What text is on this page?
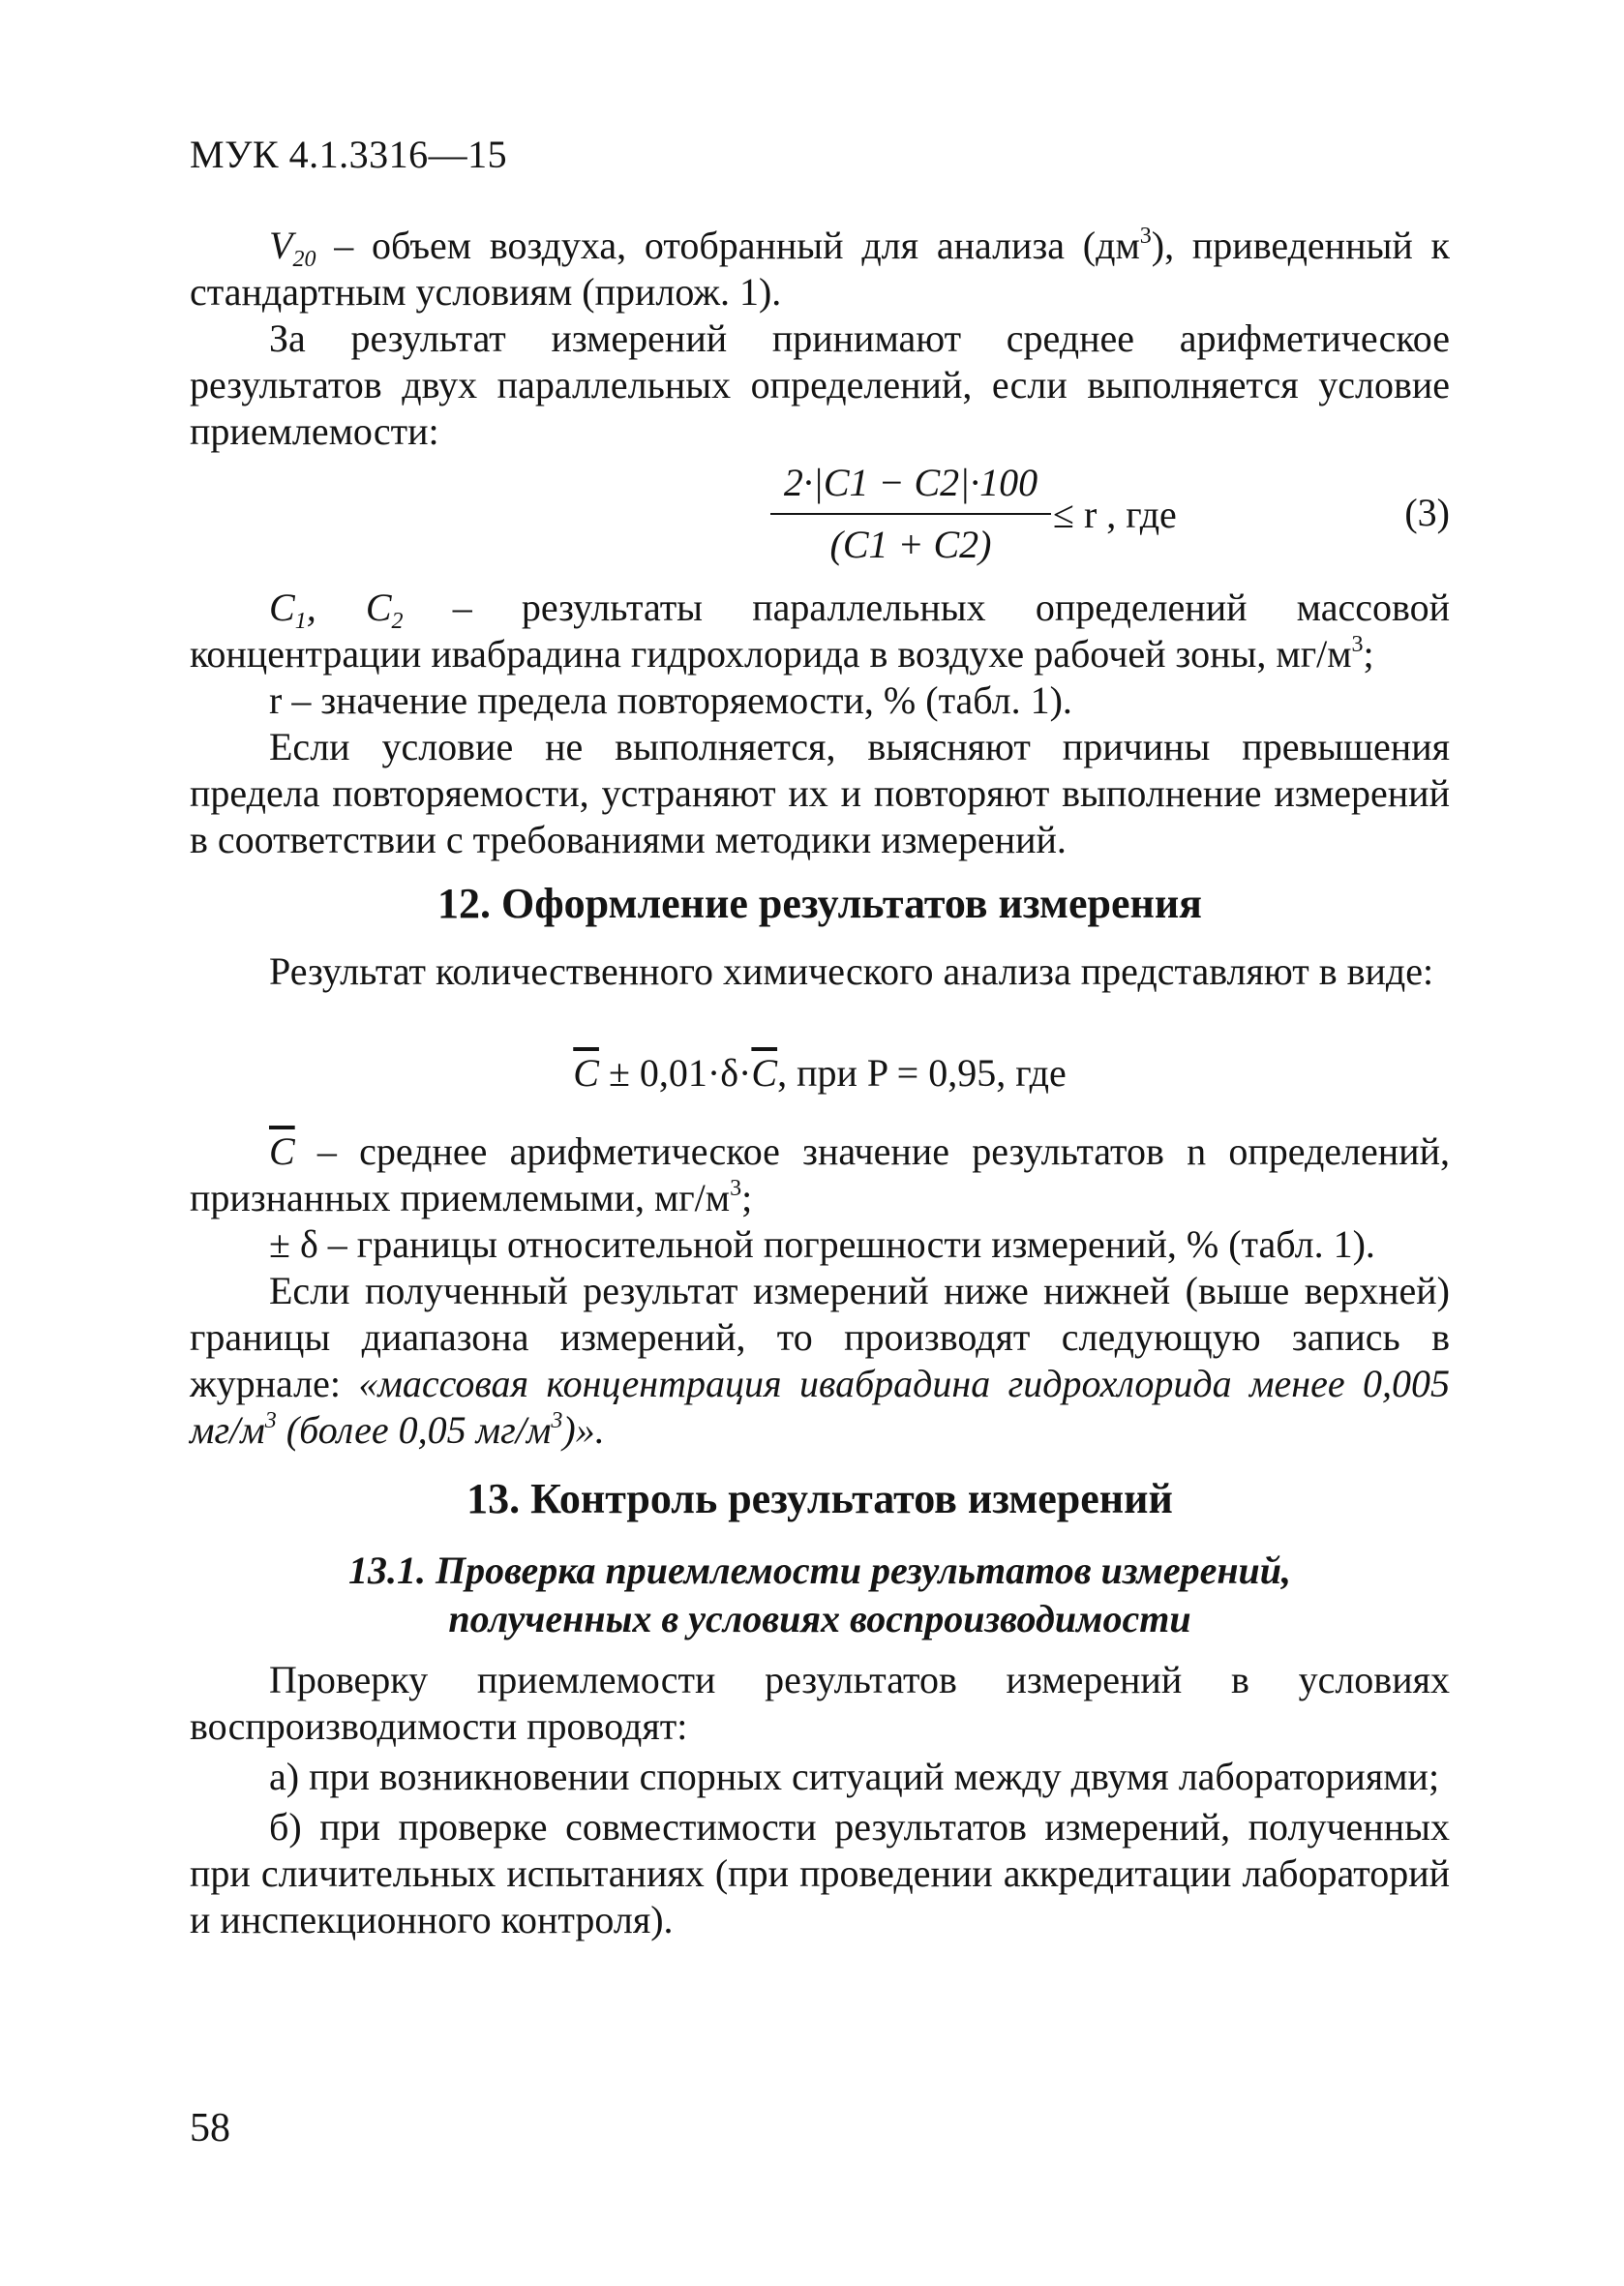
МУК 4.1.3316—15

$V_{20}$ – объем воздуха, отобранный для анализа $(дм^3)$, приведенный к стандартным условиям (прилож. 1).

За результат измерений принимают среднее арифметическое результатов двух параллельных определений, если выполняется условие приемлемости:

2·|C1 − C2|·100
(C1 + C2)
≤ r , где	(3)

$C_1$, $C_2$ – результаты параллельных определений массовой концентрации ивабрадина гидрохлорида в воздухе рабочей зоны, $мг/м^3$;

r – значение предела повторяемости, % (табл. 1).

Если условие не выполняется, выясняют причины превышения предела повторяемости, устраняют их и повторяют выполнение измерений в соответствии с требованиями методики измерений.

12. Оформление результатов измерения

Результат количественного химического анализа представляют в виде:

$\overline{C} \pm 0,01\cdot\delta\cdot\overline{C}$, при P = 0,95, где

$\overline{C}$ – среднее арифметическое значение результатов n определений, признанных приемлемыми, $мг/м^3$;

± δ – границы относительной погрешности измерений, % (табл. 1).

Если полученный результат измерений ниже нижней (выше верхней) границы диапазона измерений, то производят следующую запись в журнале: «массовая концентрация ивабрадина гидрохлорида менее 0,005 $мг/м^3$ (более 0,05 $мг/м^3$)».

13. Контроль результатов измерений
13.1. Проверка приемлемости результатов измерений,
полученных в условиях воспроизводимости

Проверку приемлемости результатов измерений в условиях воспроизводимости проводят:

а) при возникновении спорных ситуаций между двумя лабораториями;

б) при проверке совместимости результатов измерений, полученных при сличительных испытаниях (при проведении аккредитации лабораторий и инспекционного контроля).

58
